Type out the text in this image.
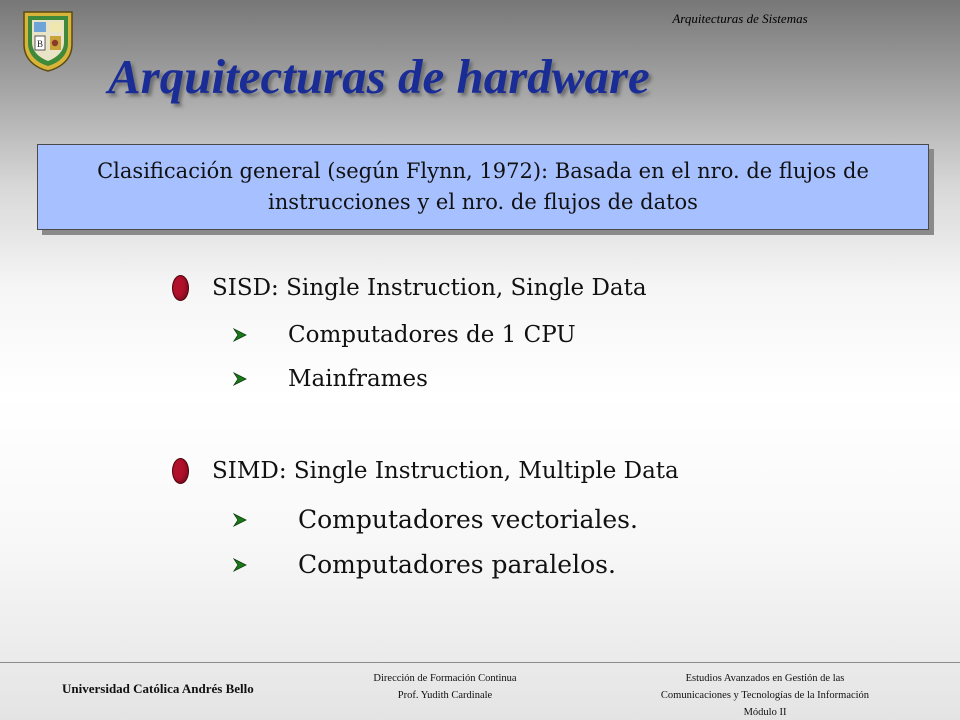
B
Arquitecturas de Sistemas
Arquitecturas de hardware
Clasificación general (según Flynn, 1972): Basada en el nro. de flujos de instrucciones y el nro. de flujos de datos
SISD: Single Instruction, Single Data
Computadores de 1 CPU
Mainframes
SIMD: Single Instruction, Multiple Data
Computadores vectoriales.
Computadores paralelos.
Universidad Católica Andrés Bello
Dirección de Formación Continua
Prof. Yudith Cardinale
Estudios Avanzados en Gestión de las
Comunicaciones y Tecnologías de la Información
Módulo II
